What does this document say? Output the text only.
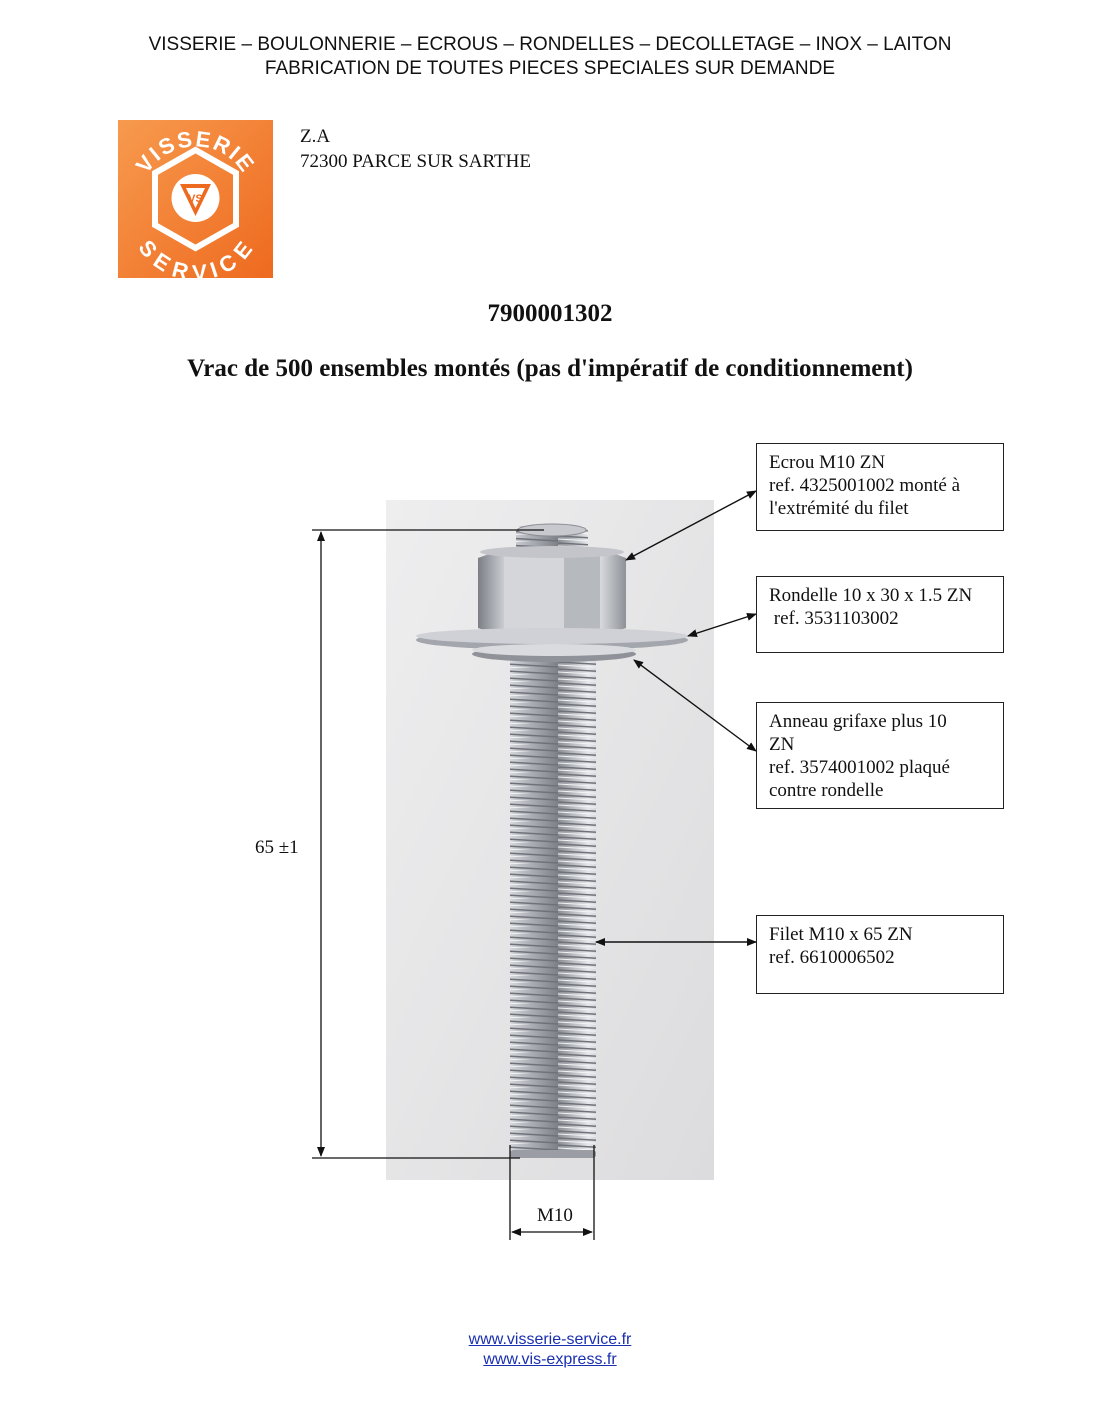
VISSERIE – BOULONNERIE – ECROUS – RONDELLES – DECOLLETAGE – INOX – LAITON
FABRICATION DE TOUTES PIECES SPECIALES SUR DEMANDE
VS
VISSERIE
SERVICE
Z.A
72300 PARCE SUR SARTHE
7900001302
Vrac de 500 ensembles montés (pas d'impératif de conditionnement)
Ecrou M10 ZN
ref. 4325001002 monté à
l'extrémité du filet
Rondelle 10 x 30 x 1.5 ZN
ref. 3531103002
Anneau grifaxe plus 10
ZN
ref. 3574001002 plaqué
contre rondelle
Filet M10 x 65 ZN
ref. 6610006502
65 ±1
M10
www.visserie-service.fr
www.vis-express.fr
